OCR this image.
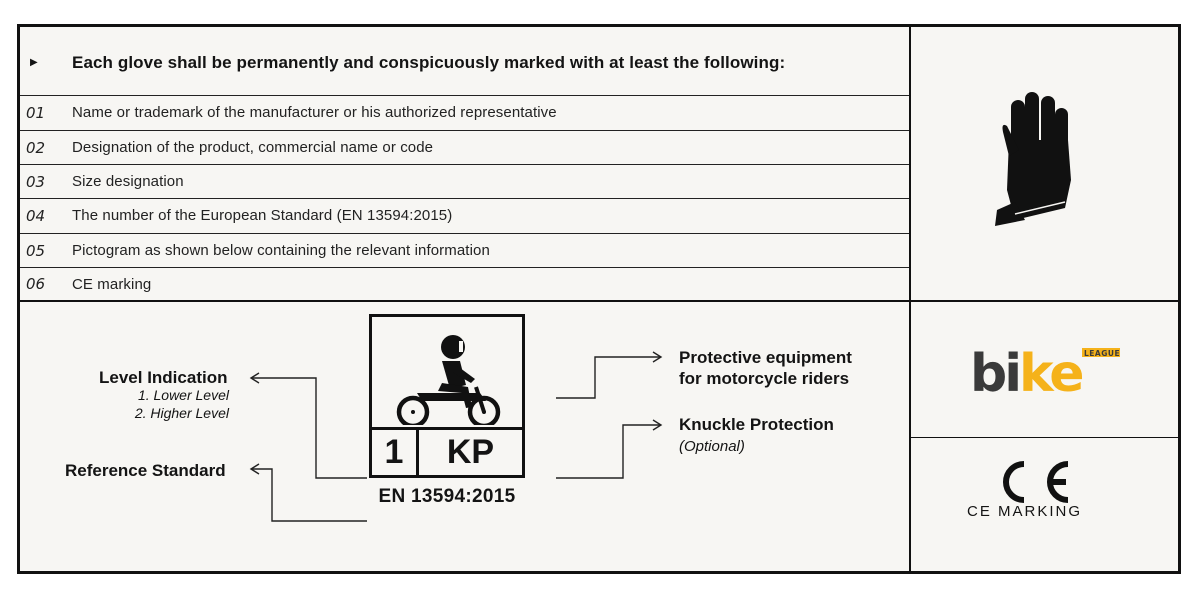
▶ Each glove shall be permanently and conspicuously marked with at least the following:
01 Name or trademark of the manufacturer or his authorized representative
02 Designation of the product, commercial name or code
03 Size designation
04 The number of the European Standard (EN 13594:2015)
05 Pictogram as shown below containing the relevant information
06 CE marking
Level Indication
1. Lower Level
2. Higher Level
Reference Standard
Protective equipment
for motorcycle riders
Knuckle Protection
(Optional)
1	KP
EN 13594:2015
bike LEAGUE
CE MARKING
